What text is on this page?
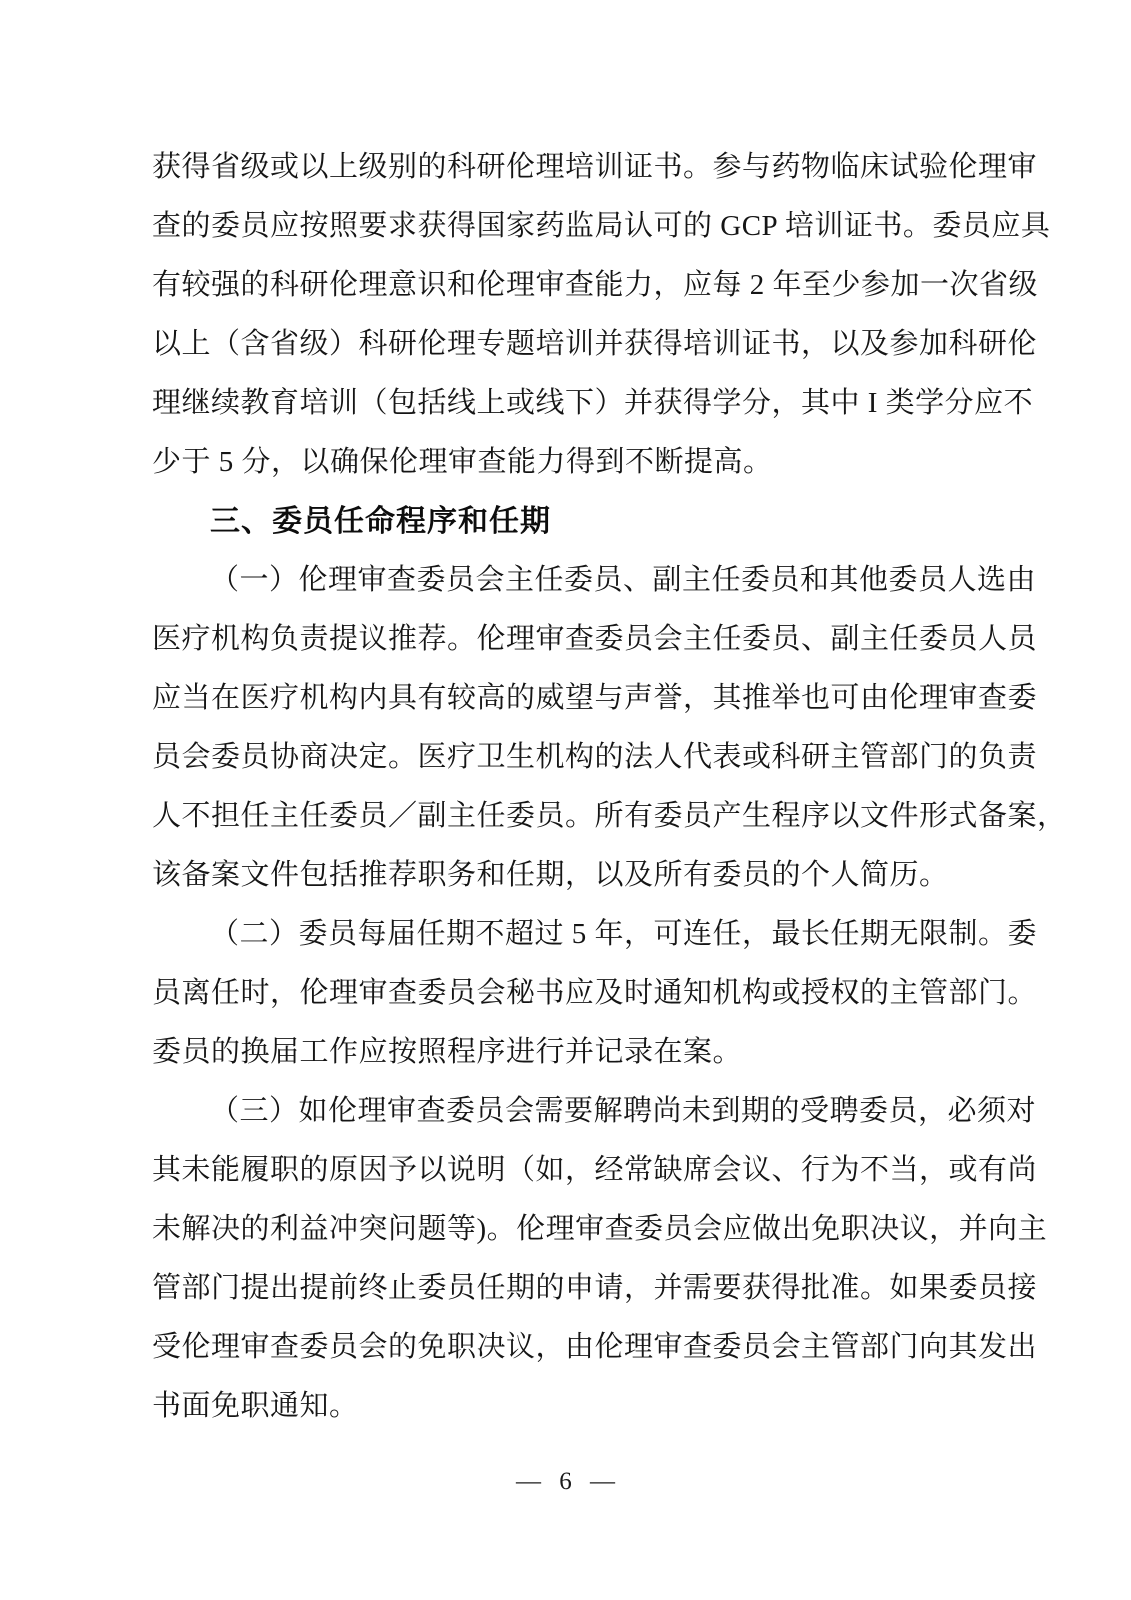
获得省级或以上级别的科研伦理培训证书。参与药物临床试验伦理审
查的委员应按照要求获得国家药监局认可的 GCP 培训证书。委员应具
有较强的科研伦理意识和伦理审查能力，应每 2 年至少参加一次省级
以上（含省级）科研伦理专题培训并获得培训证书，以及参加科研伦
理继续教育培训（包括线上或线下）并获得学分，其中 I 类学分应不
少于 5 分，以确保伦理审查能力得到不断提高。
三、委员任命程序和任期
（一）伦理审查委员会主任委员、副主任委员和其他委员人选由
医疗机构负责提议推荐。伦理审查委员会主任委员、副主任委员人员
应当在医疗机构内具有较高的威望与声誉，其推举也可由伦理审查委
员会委员协商决定。医疗卫生机构的法人代表或科研主管部门的负责
人不担任主任委员／副主任委员。所有委员产生程序以文件形式备案，
该备案文件包括推荐职务和任期，以及所有委员的个人简历。
（二）委员每届任期不超过 5 年，可连任，最长任期无限制。委
员离任时，伦理审查委员会秘书应及时通知机构或授权的主管部门。
委员的换届工作应按照程序进行并记录在案。
（三）如伦理审查委员会需要解聘尚未到期的受聘委员，必须对
其未能履职的原因予以说明（如，经常缺席会议、行为不当，或有尚
未解决的利益冲突问题等)。伦理审查委员会应做出免职决议，并向主
管部门提出提前终止委员任期的申请，并需要获得批准。如果委员接
受伦理审查委员会的免职决议，由伦理审查委员会主管部门向其发出
书面免职通知。
— 6 —
